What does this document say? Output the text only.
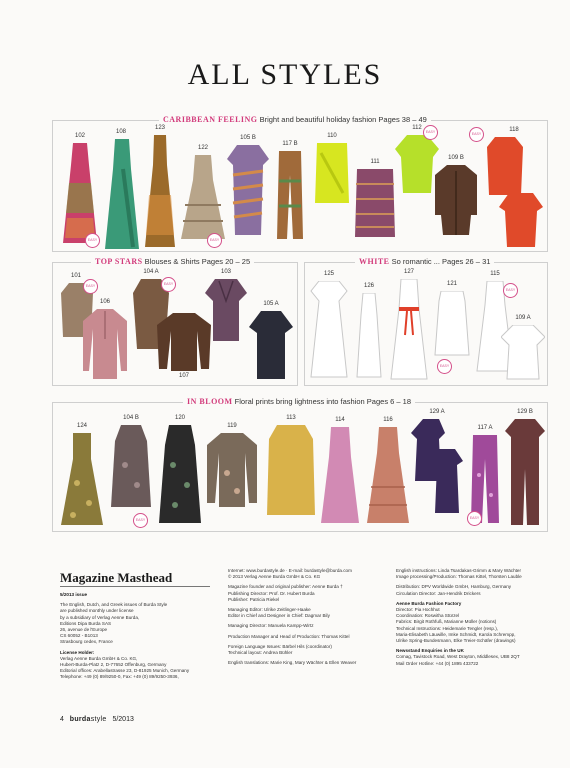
ALL STYLES
CARIBBEAN FEELING Bright and beautiful holiday fashion Pages 38 – 49
102
EASY
108
123
122
EASY
105 B
117 B
110
111
112
EASY
109 B
118
EASY
TOP STARS Blouses & Shirts Pages 20 – 25
101
EASY
106
104 A
EASY
107
103
105 A
WHITE So romantic ... Pages 26 – 31
125
126
127
121
EASY
115
EASY
109 A
IN BLOOM Floral prints bring lightness into fashion Pages 6 – 18
124
104 B
EASY
120
119
113	114	116
129 A
117 A
EASY
129 B
Magazine Masthead

5/2013 issue

The English, Dutch, and Greek issues of Burda Style
are published monthly under license
by a subsidiary of Verlag Aenne Burda,
Editions Dipa Burda SAS
26, avenue de l'Europe
CS 60052 - B1013
Strasbourg cedex, France

License Holder:
Verlag Aenne Burda GmbH & Co. KG,
Hubert-Burda-Platz 2, D-77652 Offenburg, Germany
Editorial offices: Arabellastrasse 23, D-81925 Munich, Germany
Telephone: +49 (0) 89/9250-0, Fax: +49 (0) 89/9250-3936,

Internet: www.burdastyle.de · E-mail: burdastyle@burda.com
© 2013 Verlag Aenne Burda GmbH & Co. KG

Magazine founder and original publisher: Aenne Burda †
Publishing Director: Prof. Dr. Hubert Burda
Publisher: Patricia Riekel

Managing Editor: Ulrike Zeitlinger-Haake
Editor in Chief and Designer in Chief: Dagmar Bily

Managing Director: Manuela Kampp-Wirtz

Production Manager and Head of Production: Thomas Kittel

Foreign Language Issues: Bärbel Hils (coordinator)
Technical layout: Andrea Bühler

English translations: Marie King, Mary Wächter & Ellen Weaver

English instructions: Linda Tsardakas-Grimm & Mary Wächter
Image processing/Production: Thomas Kittel, Thorsten Lauble

Distribution: DPV Worldwide GmbH, Hamburg, Germany
Circulation Director: Jan-Hendrik Drickers

Aenne Burda Fashion Factory
Director: Pia Hochhut
Coordination: Roswitha Stürzel
Fabrics: Birgit Rothfuß, Marianne Müller (notions)
Technical Instructions: Heidemarie Tengler (resp.),
Maria-Elisabeth Läuwille, Imke Schmidt, Karola Schrempp,
Ulrike Spring-Bundesmann, Elke Treier-Schäfer (drawings)

Newsstand Enquiries in the UK
Comag, Tavistock Road, West Drayton, Middlesex, UB8 2QT
Mail Order Hotline: +44 (0) 1895 433722

4 burdastyle 5/2013
